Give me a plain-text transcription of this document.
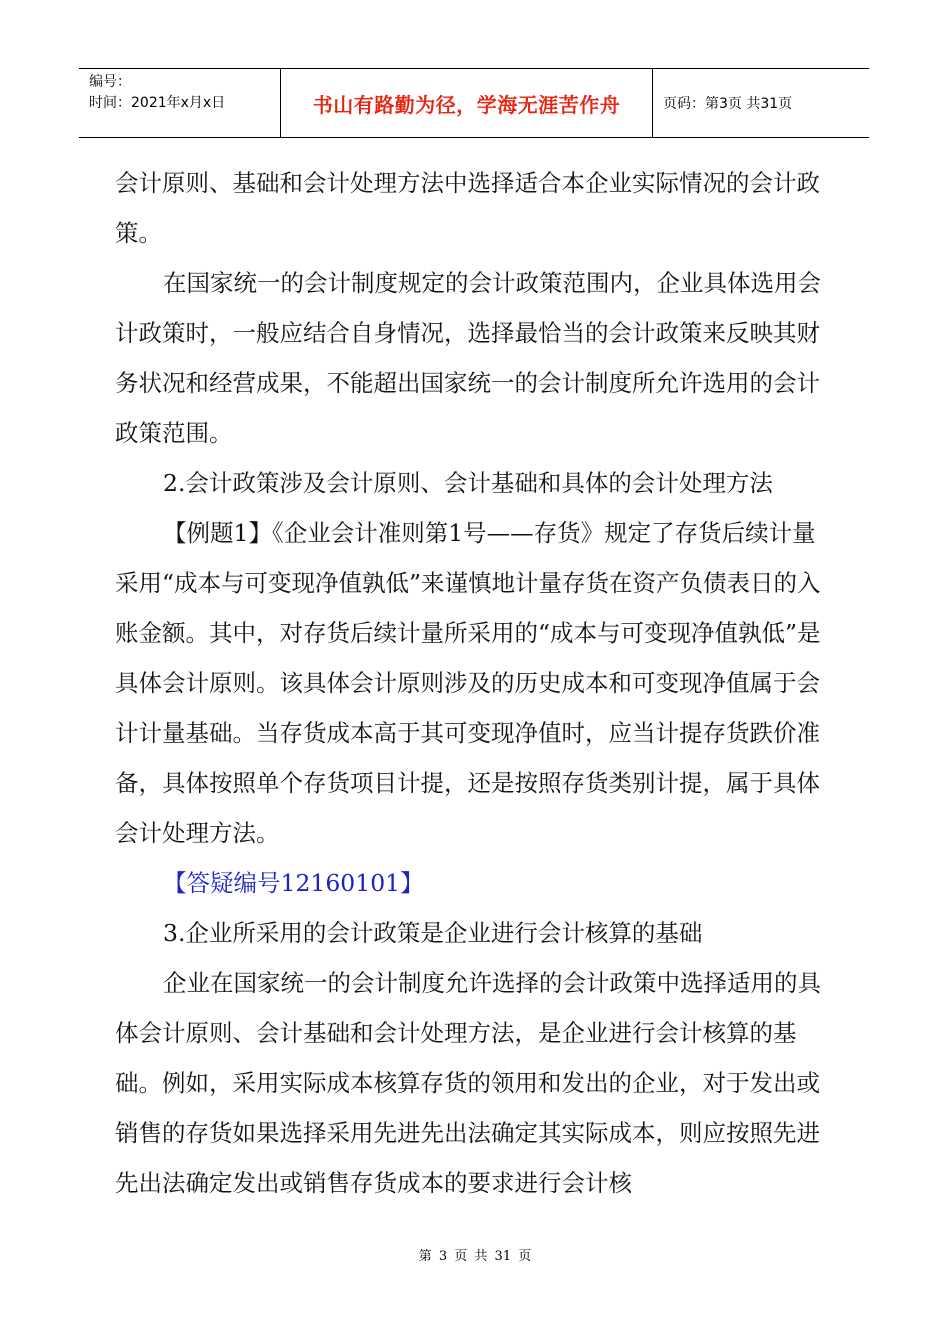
编号：
时间：2021年x月x日	书山有路勤为径，学海无涯苦作舟	页码：第3页 共31页

会计原则、基础和会计处理方法中选择适合本企业实际情况的会计政策。

在国家统一的会计制度规定的会计政策范围内，企业具体选用会计政策时，一般应结合自身情况，选择最恰当的会计政策来反映其财务状况和经营成果，不能超出国家统一的会计制度所允许选用的会计政策范围。

2.会计政策涉及会计原则、会计基础和具体的会计处理方法

【例题1】《企业会计准则第1号——存货》规定了存货后续计量采用“成本与可变现净值孰低”来谨慎地计量存货在资产负债表日的入账金额。其中，对存货后续计量所采用的“成本与可变现净值孰低”是具体会计原则。该具体会计原则涉及的历史成本和可变现净值属于会计计量基础。当存货成本高于其可变现净值时，应当计提存货跌价准备，具体按照单个存货项目计提，还是按照存货类别计提，属于具体会计处理方法。

【答疑编号12160101】

3.企业所采用的会计政策是企业进行会计核算的基础

企业在国家统一的会计制度允许选择的会计政策中选择适用的具体会计原则、会计基础和会计处理方法，是企业进行会计核算的基础。例如，采用实际成本核算存货的领用和发出的企业，对于发出或销售的存货如果选择采用先进先出法确定其实际成本，则应按照先进先出法确定发出或销售存货成本的要求进行会计核

第 3 页 共 31 页
